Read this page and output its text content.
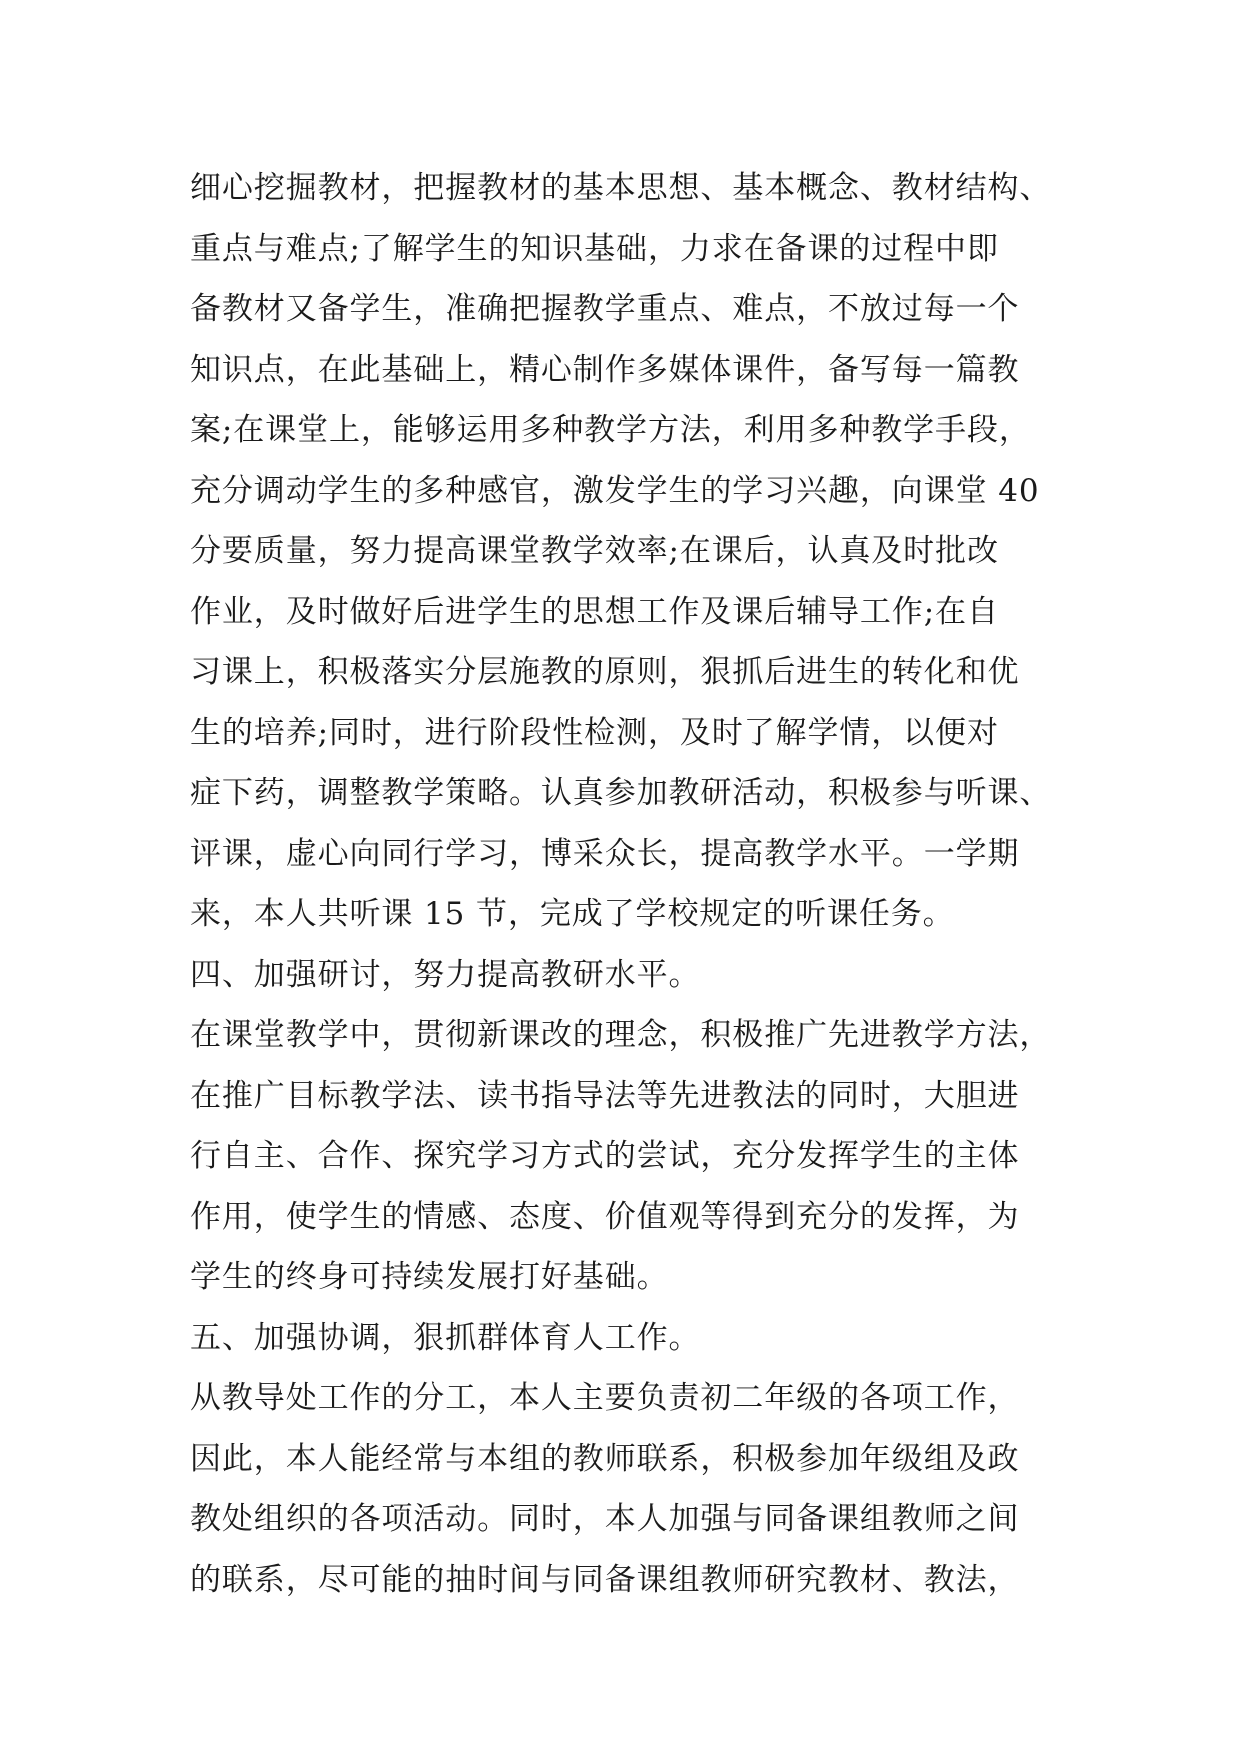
细心挖掘教材，把握教材的基本思想、基本概念、教材结构、
重点与难点;了解学生的知识基础，力求在备课的过程中即
备教材又备学生，准确把握教学重点、难点，不放过每一个
知识点，在此基础上，精心制作多媒体课件，备写每一篇教
案;在课堂上，能够运用多种教学方法，利用多种教学手段，
充分调动学生的多种感官，激发学生的学习兴趣，向课堂 40
分要质量，努力提高课堂教学效率;在课后，认真及时批改
作业，及时做好后进学生的思想工作及课后辅导工作;在自
习课上，积极落实分层施教的原则，狠抓后进生的转化和优
生的培养;同时，进行阶段性检测，及时了解学情，以便对
症下药，调整教学策略。认真参加教研活动，积极参与听课、
评课，虚心向同行学习，博采众长，提高教学水平。一学期
来，本人共听课 15 节，完成了学校规定的听课任务。
四、加强研讨，努力提高教研水平。
在课堂教学中，贯彻新课改的理念，积极推广先进教学方法，
在推广目标教学法、读书指导法等先进教法的同时，大胆进
行自主、合作、探究学习方式的尝试，充分发挥学生的主体
作用，使学生的情感、态度、价值观等得到充分的发挥，为
学生的终身可持续发展打好基础。
五、加强协调，狠抓群体育人工作。
从教导处工作的分工，本人主要负责初二年级的各项工作，
因此，本人能经常与本组的教师联系，积极参加年级组及政
教处组织的各项活动。同时，本人加强与同备课组教师之间
的联系，尽可能的抽时间与同备课组教师研究教材、教法，
